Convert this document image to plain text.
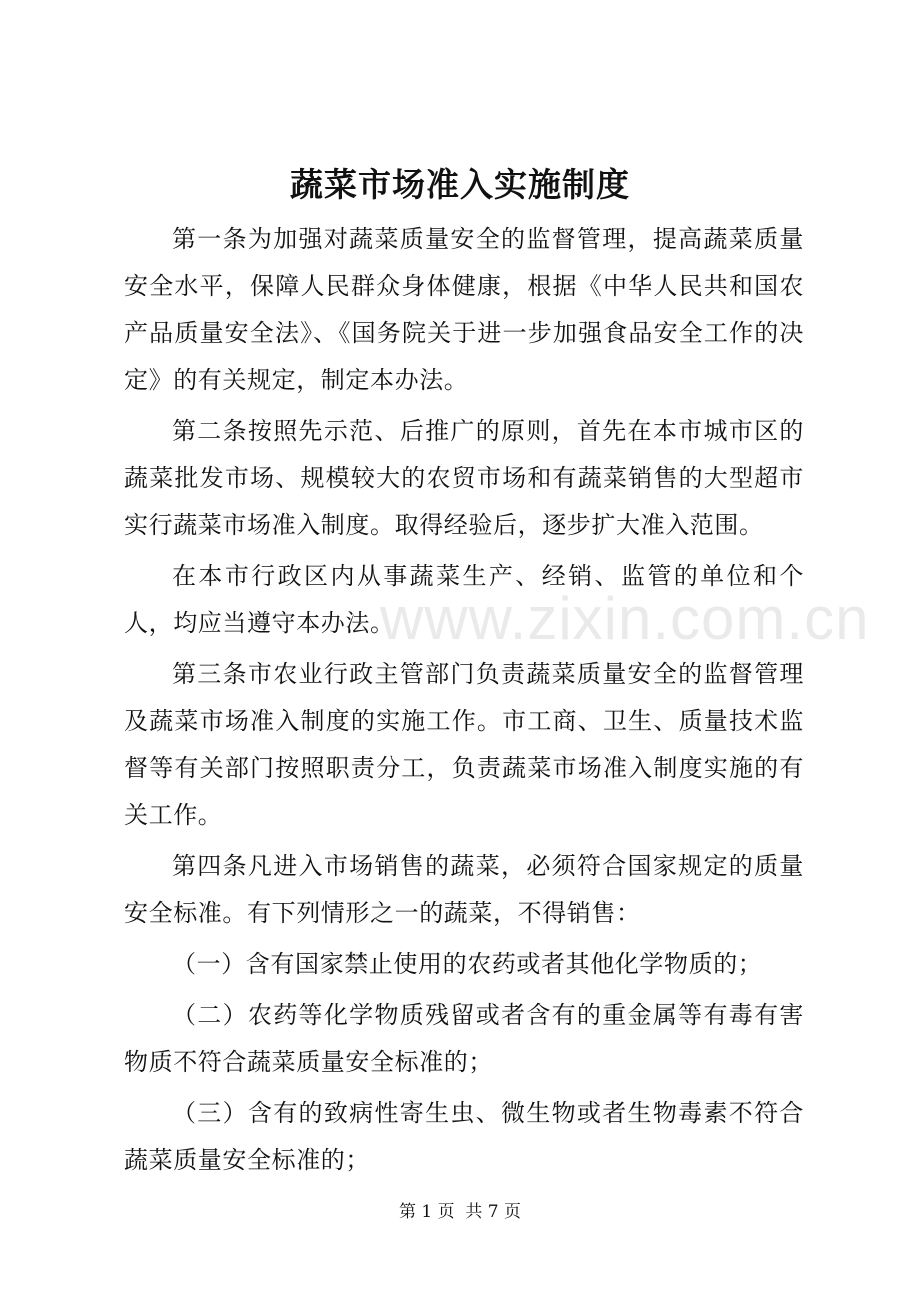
蔬菜市场准入实施制度

第一条为加强对蔬菜质量安全的监督管理，提高蔬菜质量安全水平，保障人民群众身体健康，根据《中华人民共和国农产品质量安全法》、《国务院关于进一步加强食品安全工作的决定》的有关规定，制定本办法。

第二条按照先示范、后推广的原则，首先在本市城市区的蔬菜批发市场、规模较大的农贸市场和有蔬菜销售的大型超市实行蔬菜市场准入制度。取得经验后，逐步扩大准入范围。

在本市行政区内从事蔬菜生产、经销、监管的单位和个人，均应当遵守本办法。

第三条市农业行政主管部门负责蔬菜质量安全的监督管理及蔬菜市场准入制度的实施工作。市工商、卫生、质量技术监督等有关部门按照职责分工，负责蔬菜市场准入制度实施的有关工作。

第四条凡进入市场销售的蔬菜，必须符合国家规定的质量安全标准。有下列情形之一的蔬菜，不得销售：

（一）含有国家禁止使用的农药或者其他化学物质的；

（二）农药等化学物质残留或者含有的重金属等有毒有害物质不符合蔬菜质量安全标准的；

（三）含有的致病性寄生虫、微生物或者生物毒素不符合蔬菜质量安全标准的；

www.zixin.com.cn
第 1 页  共 7 页
